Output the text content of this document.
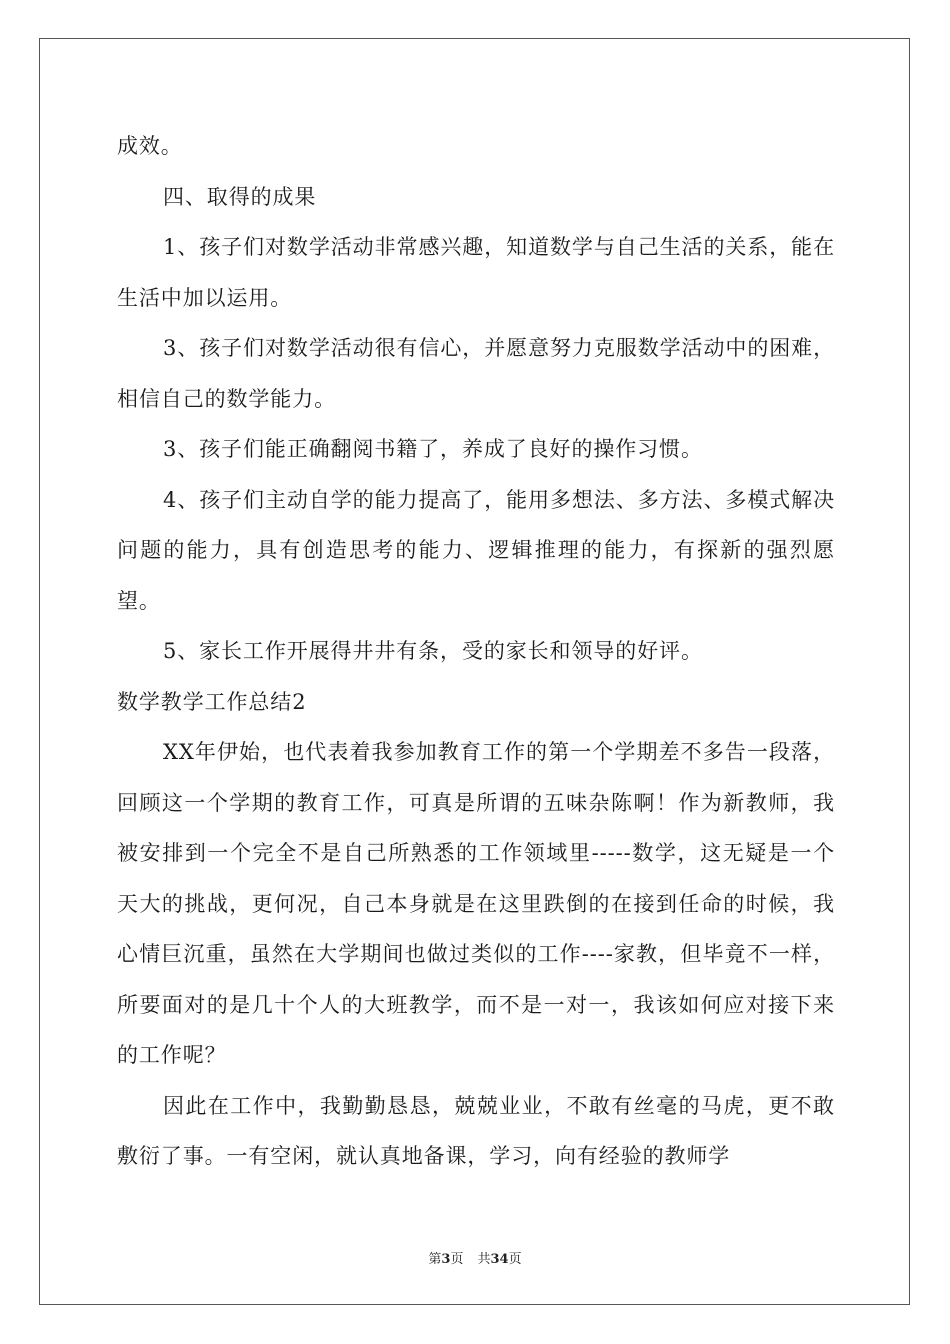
成效。

四、取得的成果

1、孩子们对数学活动非常感兴趣，知道数学与自己生活的关系，能在生活中加以运用。

3、孩子们对数学活动很有信心，并愿意努力克服数学活动中的困难，相信自己的数学能力。

3、孩子们能正确翻阅书籍了，养成了良好的操作习惯。

4、孩子们主动自学的能力提高了，能用多想法、多方法、多模式解决问题的能力，具有创造思考的能力、逻辑推理的能力，有探新的强烈愿望。

5、家长工作开展得井井有条，受的家长和领导的好评。

数学教学工作总结2

XX年伊始，也代表着我参加教育工作的第一个学期差不多告一段落，回顾这一个学期的教育工作，可真是所谓的五味杂陈啊！作为新教师，我被安排到一个完全不是自己所熟悉的工作领域里-----数学，这无疑是一个天大的挑战，更何况，自己本身就是在这里跌倒的在接到任命的时候，我心情巨沉重，虽然在大学期间也做过类似的工作----家教，但毕竟不一样，所要面对的是几十个人的大班教学，而不是一对一，我该如何应对接下来的工作呢？

因此在工作中，我勤勤恳恳，兢兢业业，不敢有丝毫的马虎，更不敢敷衍了事。一有空闲，就认真地备课，学习，向有经验的教师学

第3页 共34页
